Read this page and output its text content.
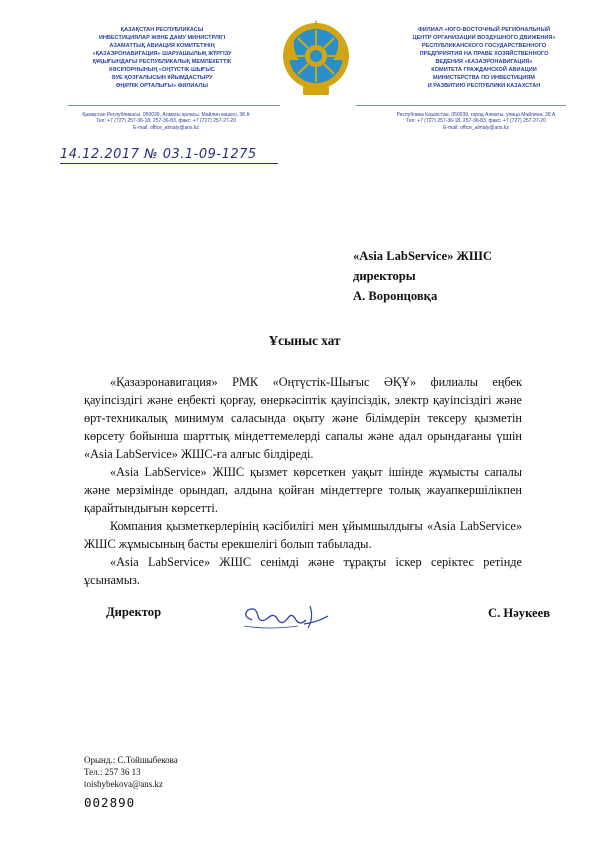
ҚАЗАҚСТАН РЕСПУБЛИКАСЫ
ИНВЕСТИЦИЯЛАР ЖӘНЕ ДАМУ МИНИСТРЛІГІ
АЗАМАТТЫҚ АВИАЦИЯ КОМИТЕТІНІҢ
«ҚАЗАЭРОНАВИГАЦИЯ» ШАРУАШЫЛЫҚ ЖҮРГІЗУ
ҚҰҚЫҒЫНДАҒЫ РЕСПУБЛИКАЛЫҚ МЕМЛЕКЕТТІК
КӘСІПОРНЫНЫҢ «ОҢТҮСТІК-ШЫҒЫС
ӘУЕ ҚОЗҒАЛЫСЫН ҰЙЫМДАСТЫРУ
ӨҢІРЛІК ОРТАЛЫҒЫ» ФИЛИАЛЫ
ФИЛИАЛ «ЮГО-ВОСТОЧНЫЙ РЕГИОНАЛЬНЫЙ
ЦЕНТР ОРГАНИЗАЦИИ ВОЗДУШНОГО ДВИЖЕНИЯ»
РЕСПУБЛИКАНСКОГО ГОСУДАРСТВЕННОГО
ПРЕДПРИЯТИЯ НА ПРАВЕ ХОЗЯЙСТВЕННОГО
ВЕДЕНИЯ «КАЗАЭРОНАВИГАЦИЯ»
КОМИТЕТА ГРАЖДАНСКОЙ АВИАЦИИ
МИНИСТЕРСТВА ПО ИНВЕСТИЦИЯМ
И РАЗВИТИЮ РЕСПУБЛИКИ КАЗАХСТАН
Қазақстан Республикасы, 050039, Алматы қаласы, Майлин көшесі, 38 А
Тел: +7 (727) 257-36-18, 257-36-83, факс: +7 (727) 257-27-20
E-mail: office_almaty@ans.kz
Республика Казахстан, 050039, город Алматы, улица Майлина, 38 А
Тел: +7 (727) 257-36-18, 257-36-83, факс: +7 (727) 257-27-20
E-mail: office_almaty@ans.kz
14.12.2017 № 03.1-09-1275
«Asia LabService» ЖШС
директоры
А. Воронцовқа
Ұсыныс хат

«Қазаэронавигация» РМК «Оңтүстік-Шығыс ӘҚҰ» филиалы еңбек қауіпсіздігі және еңбекті қорғау, өнеркәсіптік қауіпсіздік, электр қауіпсіздігі және өрт-техникалық минимум саласында оқыту және білімдерін тексеру қызметін көрсету бойынша шарттық міндеттемелерді сапалы және адал орындағаны үшін «Asia LabService» ЖШС-ға алғыс білдіреді.

«Asia LabService» ЖШС қызмет көрсеткен уақыт ішінде жұмысты сапалы және мерзімінде орындап, алдына қойған міндеттерге толық жауапкершілікпен қарайтындығын көрсетті.

Компания қызметкерлерінің кәсібилігі мен ұйымшылдығы «Asia LabService» ЖШС жұмысының басты ерекшелігі болып табылады.

«Asia LabService» ЖШС сенімді және тұрақты іскер серіктес ретінде ұсынамыз.

Директор	С. Нәукеев
Орынд.: С.Тойшыбекова
Тел.: 257 36 13
toishybekova@ans.kz
002890
